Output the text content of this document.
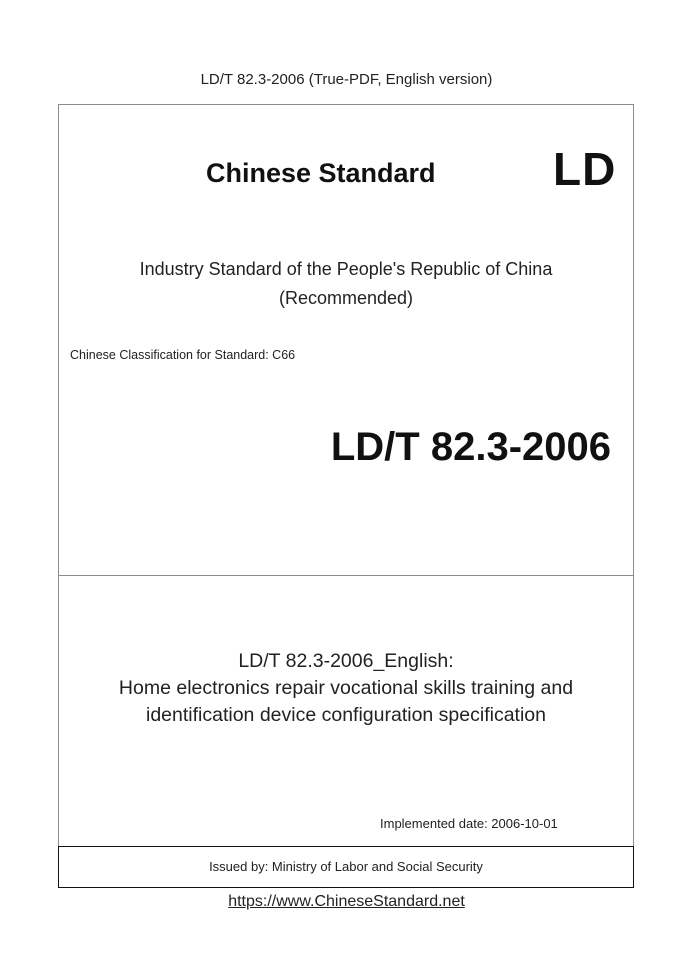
LD/T 82.3-2006 (True-PDF, English version)
Chinese Standard	LD
Industry Standard of the People's Republic of China
(Recommended)
Chinese Classification for Standard: C66
LD/T 82.3-2006
LD/T 82.3-2006_English:
Home electronics repair vocational skills training and
identification device configuration specification
Implemented date: 2006-10-01
Issued by: Ministry of Labor and Social Security
https://www.ChineseStandard.net
